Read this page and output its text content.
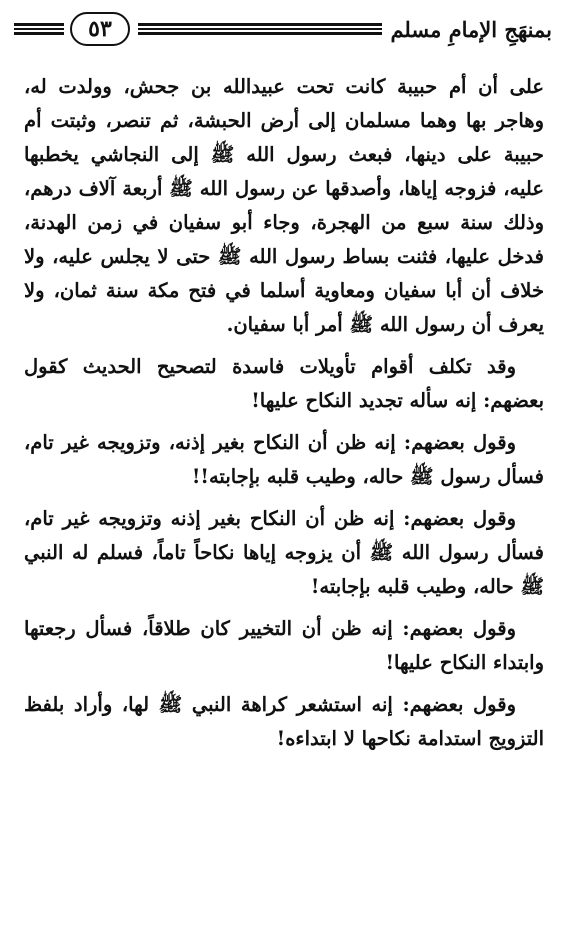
٥٣	بمنهَجِ الإمامِ مسلم

على أن أم حبيبة كانت تحت عبيدالله بن جحش، وولدت له، وهاجر بها وهما مسلمان إلى أرض الحبشة، ثم تنصر، وثبتت أم حبيبة على دينها، فبعث رسول الله ﷺ إلى النجاشي يخطبها عليه، فزوجه إياها، وأصدقها عن رسول الله ﷺ أربعة آلاف درهم، وذلك سنة سبع من الهجرة، وجاء أبو سفيان في زمن الهدنة، فدخل عليها، فثنت بساط رسول الله ﷺ حتى لا يجلس عليه، ولا خلاف أن أبا سفيان ومعاوية أسلما في فتح مكة سنة ثمان، ولا يعرف أن رسول الله ﷺ أمر أبا سفيان.

وقد تكلف أقوام تأويلات فاسدة لتصحيح الحديث كقول بعضهم: إنه سأله تجديد النكاح عليها!

وقول بعضهم: إنه ظن أن النكاح بغير إذنه، وتزويجه غير تام، فسأل رسول ﷺ حاله، وطيب قلبه بإجابته!!

وقول بعضهم: إنه ظن أن النكاح بغير إذنه وتزويجه غير تام، فسأل رسول الله ﷺ أن يزوجه إياها نكاحاً تاماً، فسلم له النبي ﷺ حاله، وطيب قلبه بإجابته!

وقول بعضهم: إنه ظن أن التخيير كان طلاقاً، فسأل رجعتها وابتداء النكاح عليها!

وقول بعضهم: إنه استشعر كراهة النبي ﷺ لها، وأراد بلفظ التزويج استدامة نكاحها لا ابتداءه!
